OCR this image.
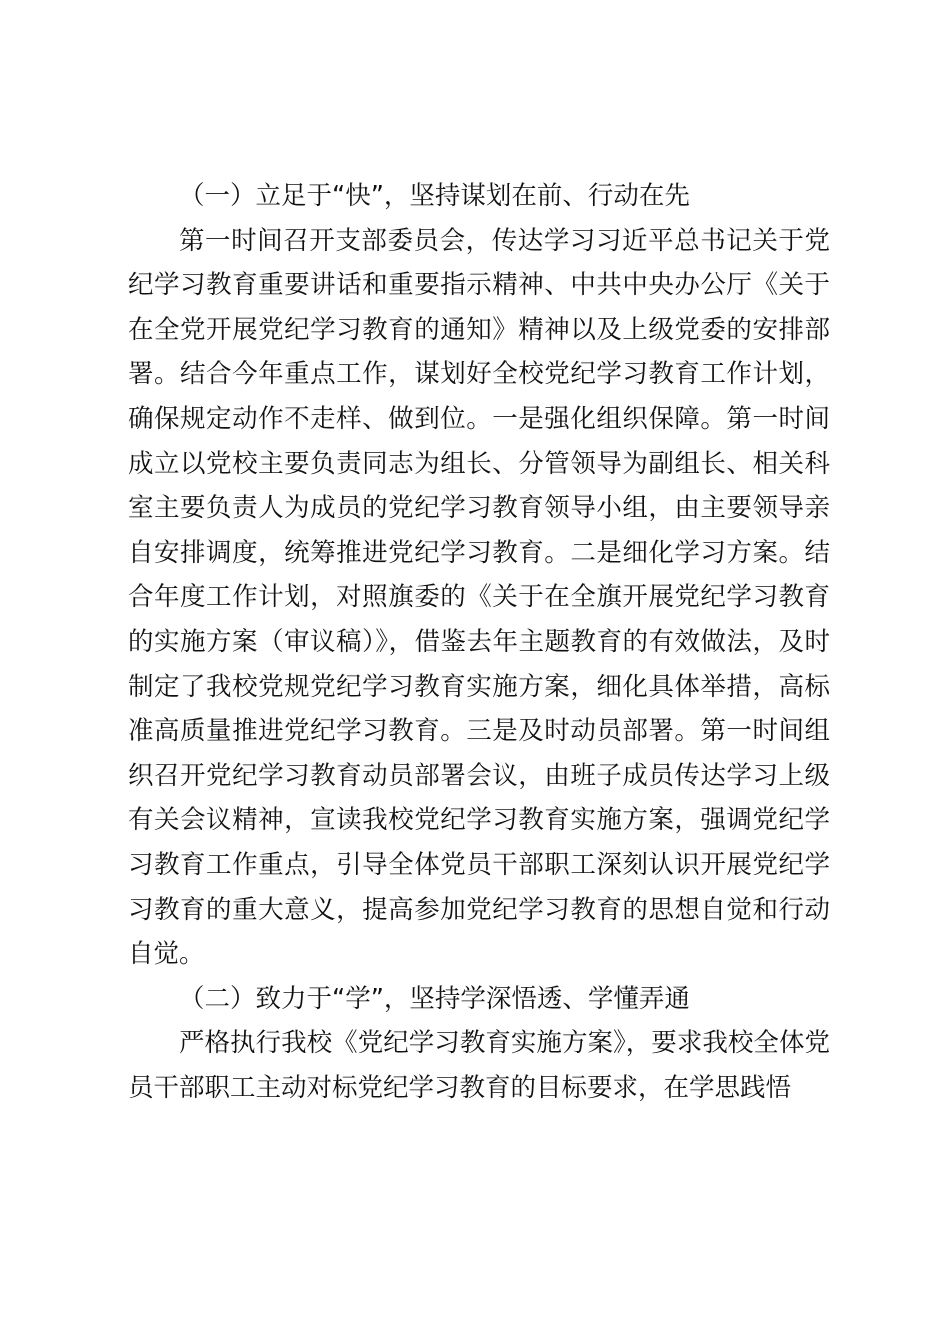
（一）立足于“快”，坚持谋划在前、行动在先

第一时间召开支部委员会，传达学习习近平总书记关于党纪学习教育重要讲话和重要指示精神、中共中央办公厅《关于在全党开展党纪学习教育的通知》精神以及上级党委的安排部署。结合今年重点工作，谋划好全校党纪学习教育工作计划，确保规定动作不走样、做到位。一是强化组织保障。第一时间成立以党校主要负责同志为组长、分管领导为副组长、相关科室主要负责人为成员的党纪学习教育领导小组，由主要领导亲自安排调度，统筹推进党纪学习教育。二是细化学习方案。结合年度工作计划，对照旗委的《关于在全旗开展党纪学习教育的实施方案（审议稿）》，借鉴去年主题教育的有效做法，及时制定了我校党规党纪学习教育实施方案，细化具体举措，高标准高质量推进党纪学习教育。三是及时动员部署。第一时间组织召开党纪学习教育动员部署会议，由班子成员传达学习上级有关会议精神，宣读我校党纪学习教育实施方案，强调党纪学习教育工作重点，引导全体党员干部职工深刻认识开展党纪学习教育的重大意义，提高参加党纪学习教育的思想自觉和行动自觉。

（二）致力于“学”，坚持学深悟透、学懂弄通

严格执行我校《党纪学习教育实施方案》，要求我校全体党员干部职工主动对标党纪学习教育的目标要求，在学思践悟
